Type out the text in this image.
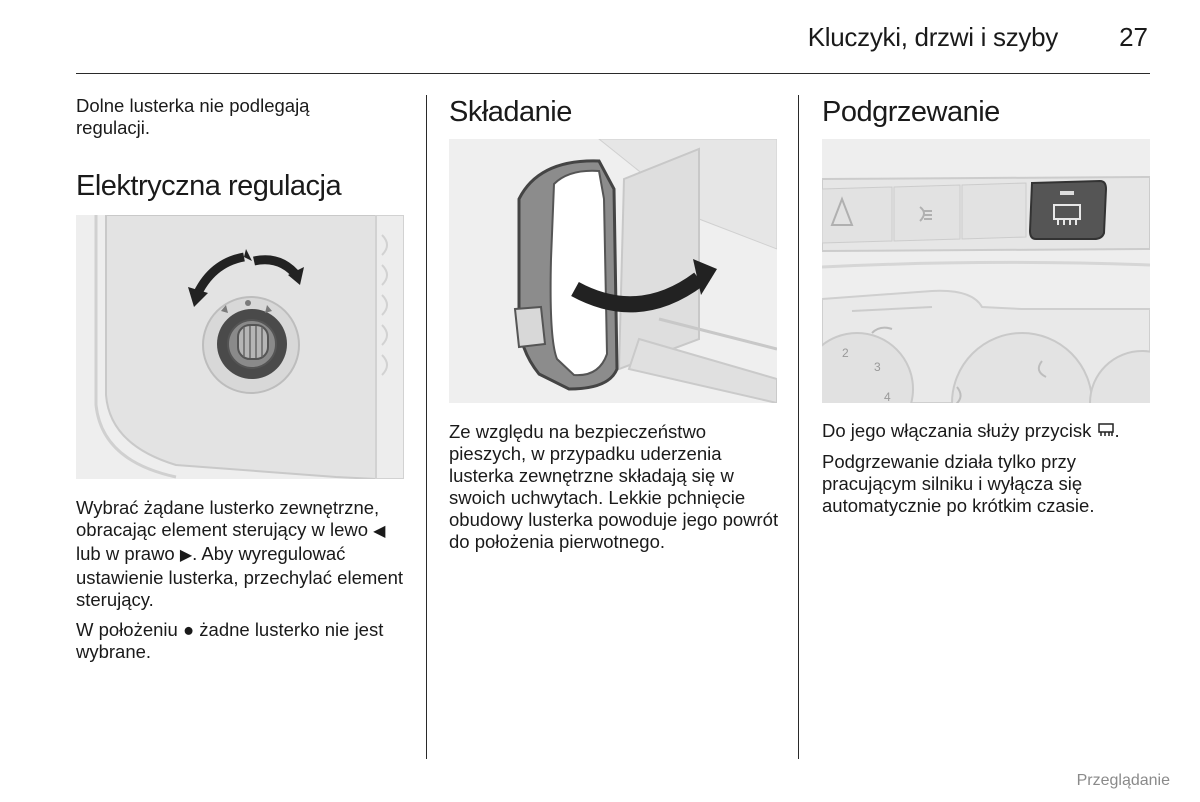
Kluczyki, drzwi i szyby	27

Dolne lusterka nie podlegają regulacji.

Elektryczna regulacja

Wybrać żądane lusterko zewnętrzne, obracając element sterujący w lewo ◀ lub w prawo ▶. Aby wyregulować ustawienie lusterka, przechylać element sterujący.

W położeniu ● żadne lusterko nie jest wybrane.

Składanie

Ze względu na bezpieczeństwo pieszych, w przypadku uderzenia lusterka zewnętrzne składają się w swoich uchwytach. Lekkie pchnięcie obudowy lusterka powoduje jego powrót do położenia pierwotnego.

Podgrzewanie
2
3
4

Do jego włączania służy przycisk .

Podgrzewanie działa tylko przy pracującym silniku i wyłącza się automatycznie po krótkim czasie.

Przeglądanie
